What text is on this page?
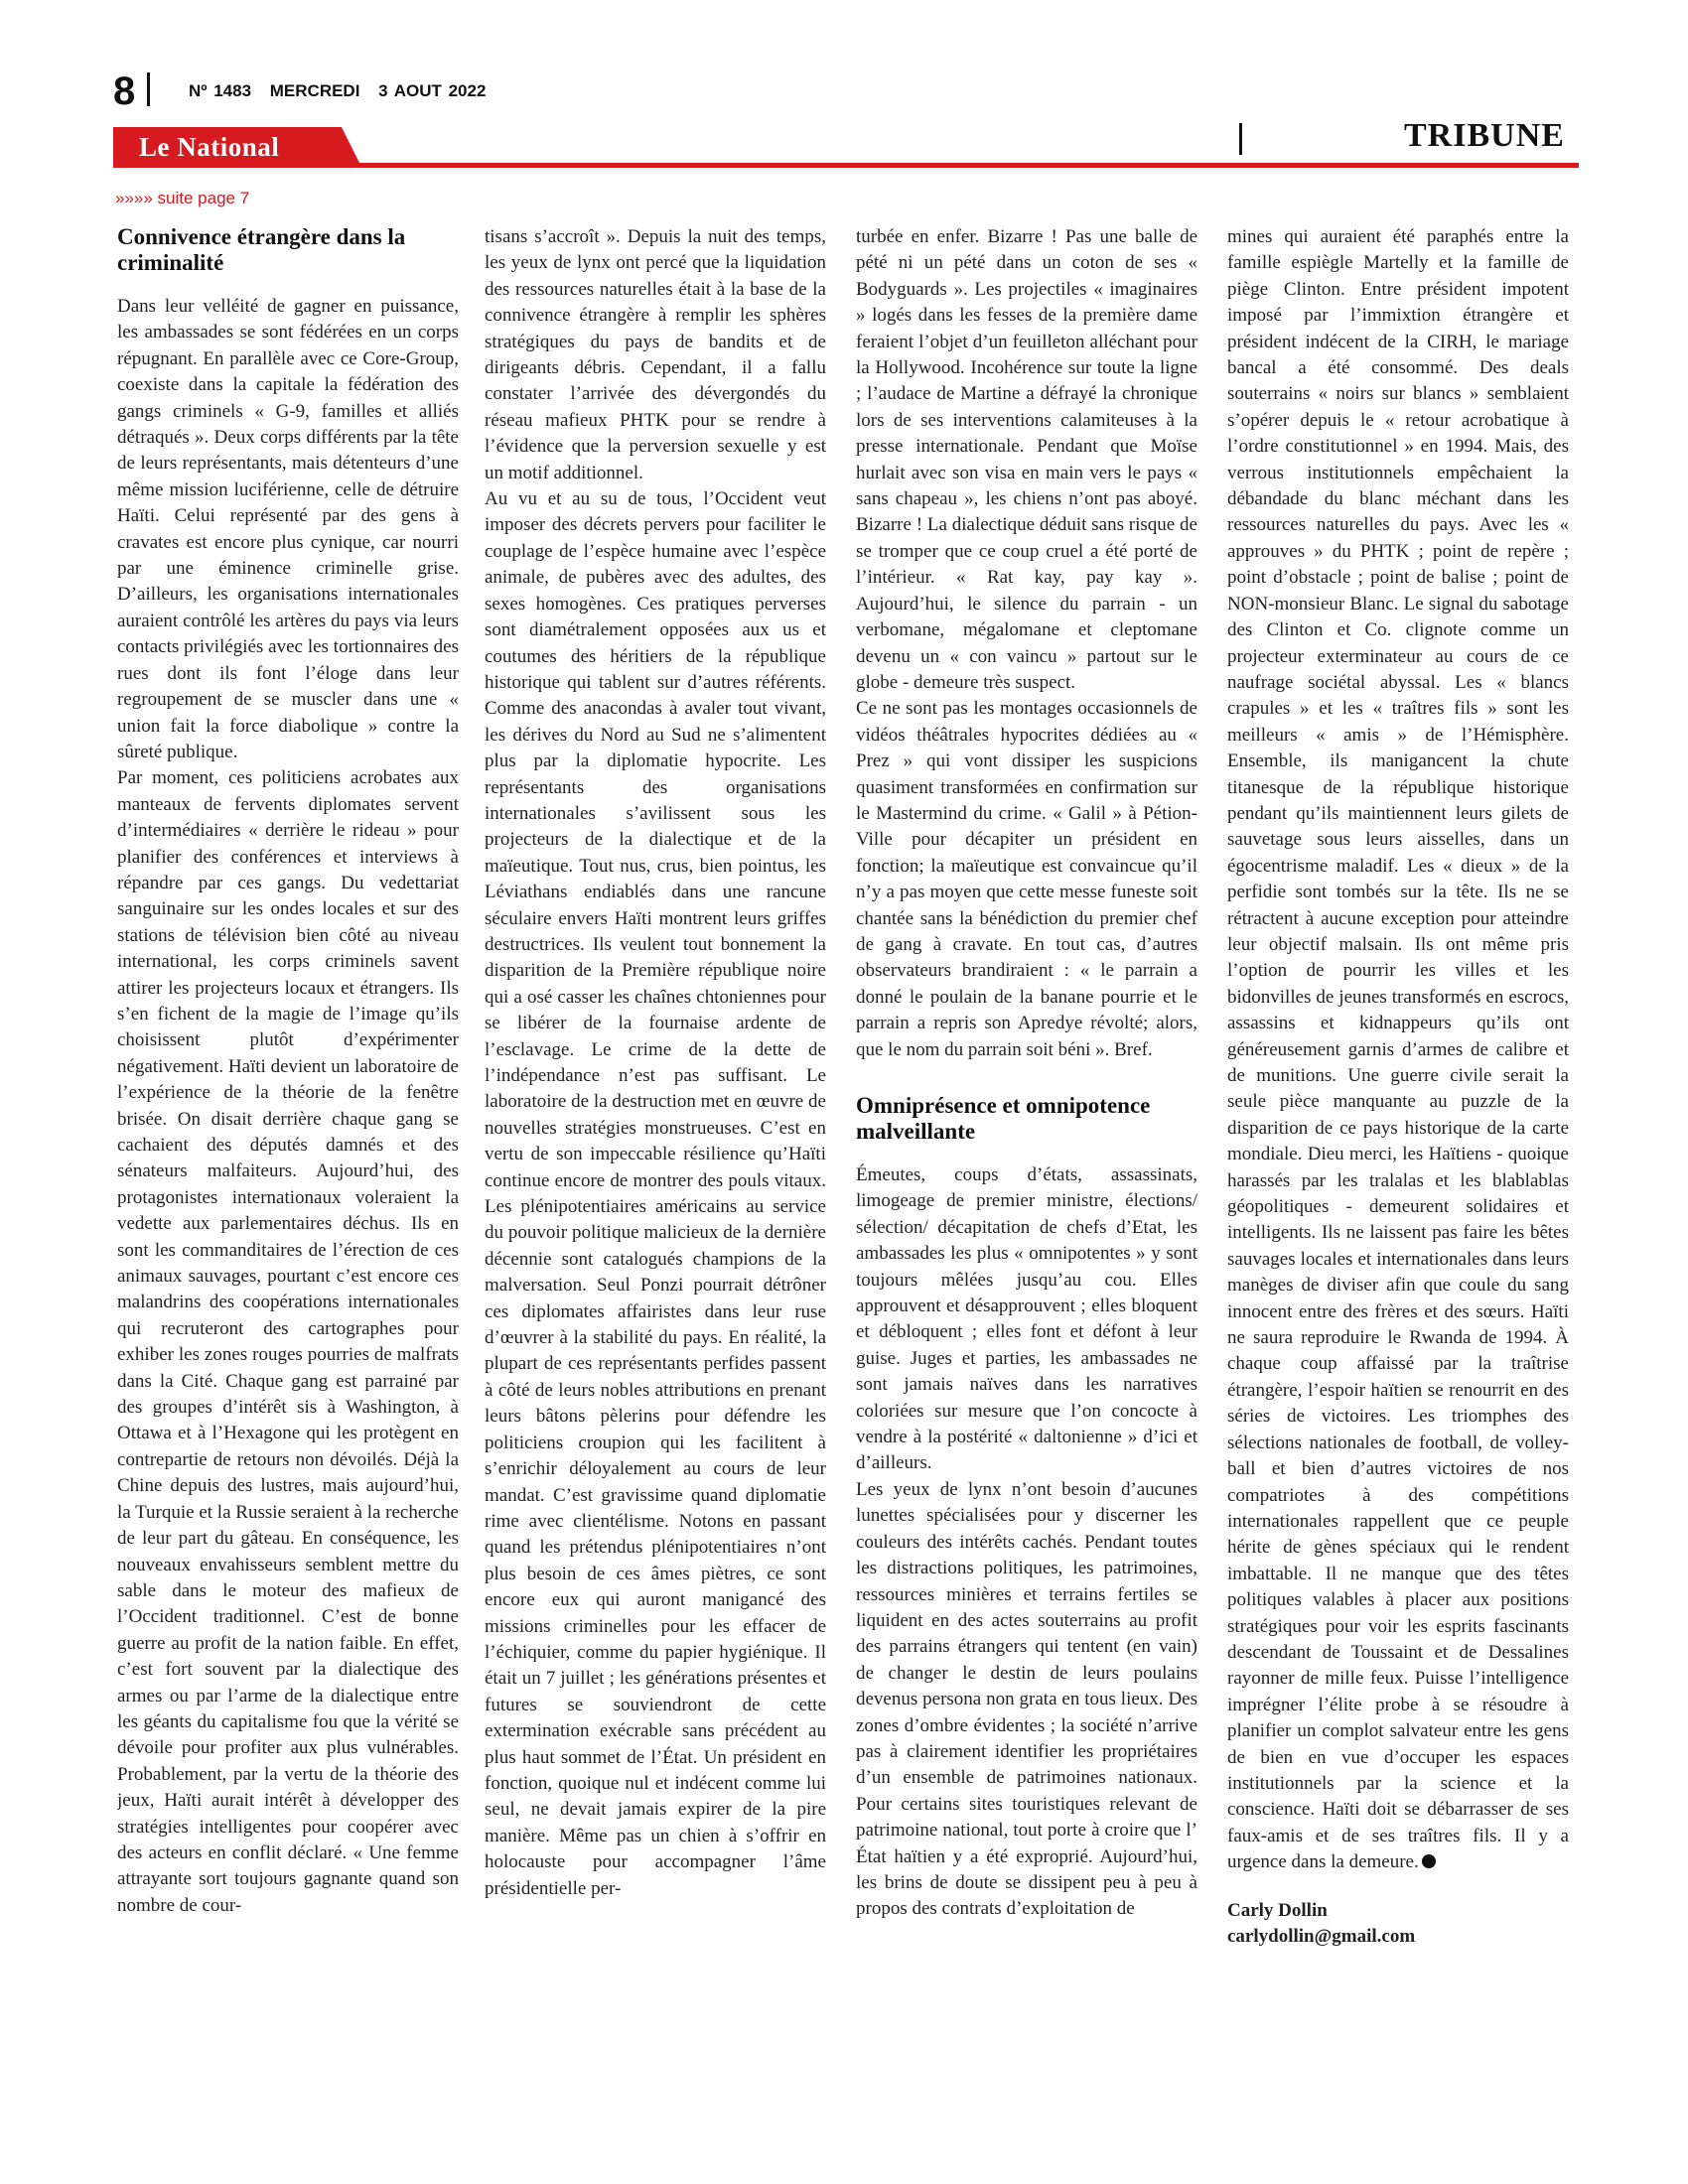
8	Nº 1483 MERCREDI 3 AOUT 2022
Le National	TRIBUNE
»»»» suite page 7
Connivence étrangère dans la criminalité

Dans leur velléité de gagner en puissance, les ambassades se sont fédérées en un corps répugnant. En parallèle avec ce Core-Group, coexiste dans la capitale la fédération des gangs criminels « G-9, familles et alliés détraqués ». Deux corps différents par la tête de leurs représentants, mais détenteurs d’une même mission luciférienne, celle de détruire Haïti. Celui représenté par des gens à cravates est encore plus cynique, car nourri par une éminence criminelle grise. D’ailleurs, les organisations internationales auraient contrôlé les artères du pays via leurs contacts privilégiés avec les tortionnaires des rues dont ils font l’éloge dans leur regroupement de se muscler dans une « union fait la force diabolique » contre la sûreté publique.

Par moment, ces politiciens acrobates aux manteaux de fervents diplomates servent d’intermédiaires « derrière le rideau » pour planifier des conférences et interviews à répandre par ces gangs. Du vedettariat sanguinaire sur les ondes locales et sur des stations de télévision bien côté au niveau international, les corps criminels savent attirer les projecteurs locaux et étrangers. Ils s’en fichent de la magie de l’image qu’ils choisissent plutôt d’expérimenter négativement. Haïti devient un laboratoire de l’expérience de la théorie de la fenêtre brisée. On disait derrière chaque gang se cachaient des députés damnés et des sénateurs malfaiteurs. Aujourd’hui, des protagonistes internationaux voleraient la vedette aux parlementaires déchus. Ils en sont les commanditaires de l’érection de ces animaux sauvages, pourtant c’est encore ces malandrins des coopérations internationales qui recruteront des cartographes pour exhiber les zones rouges pourries de malfrats dans la Cité. Chaque gang est parrainé par des groupes d’intérêt sis à Washington, à Ottawa et à l’Hexagone qui les protègent en contrepartie de retours non dévoilés. Déjà la Chine depuis des lustres, mais aujourd’hui, la Turquie et la Russie seraient à la recherche de leur part du gâteau. En conséquence, les nouveaux envahisseurs semblent mettre du sable dans le moteur des mafieux de l’Occident traditionnel. C’est de bonne guerre au profit de la nation faible. En effet, c’est fort souvent par la dialectique des armes ou par l’arme de la dialectique entre les géants du capitalisme fou que la vérité se dévoile pour profiter aux plus vulnérables. Probablement, par la vertu de la théorie des jeux, Haïti aurait intérêt à développer des stratégies intelligentes pour coopérer avec des acteurs en conflit déclaré. « Une femme attrayante sort toujours gagnante quand son nombre de cour-

tisans s’accroît ». Depuis la nuit des temps, les yeux de lynx ont percé que la liquidation des ressources naturelles était à la base de la connivence étrangère à remplir les sphères stratégiques du pays de bandits et de dirigeants débris. Cependant, il a fallu constater l’arrivée des dévergondés du réseau mafieux PHTK pour se rendre à l’évidence que la perversion sexuelle y est un motif additionnel.

Au vu et au su de tous, l’Occident veut imposer des décrets pervers pour faciliter le couplage de l’espèce humaine avec l’espèce animale, de pubères avec des adultes, des sexes homogènes. Ces pratiques perverses sont diamétralement opposées aux us et coutumes des héritiers de la république historique qui tablent sur d’autres référents. Comme des anacondas à avaler tout vivant, les dérives du Nord au Sud ne s’alimentent plus par la diplomatie hypocrite. Les représentants des organisations internationales s’avilissent sous les projecteurs de la dialectique et de la maïeutique. Tout nus, crus, bien pointus, les Léviathans endiablés dans une rancune séculaire envers Haïti montrent leurs griffes destructrices. Ils veulent tout bonnement la disparition de la Première république noire qui a osé casser les chaînes chtoniennes pour se libérer de la fournaise ardente de l’esclavage. Le crime de la dette de l’indépendance n’est pas suffisant. Le laboratoire de la destruction met en œuvre de nouvelles stratégies monstrueuses. C’est en vertu de son impeccable résilience qu’Haïti continue encore de montrer des pouls vitaux. Les plénipotentiaires américains au service du pouvoir politique malicieux de la dernière décennie sont catalogués champions de la malversation. Seul Ponzi pourrait détrôner ces diplomates affairistes dans leur ruse d’œuvrer à la stabilité du pays. En réalité, la plupart de ces représentants perfides passent à côté de leurs nobles attributions en prenant leurs bâtons pèlerins pour défendre les politiciens croupion qui les facilitent à s’enrichir déloyalement au cours de leur mandat. C’est gravissime quand diplomatie rime avec clientélisme. Notons en passant quand les prétendus plénipotentiaires n’ont plus besoin de ces âmes piètres, ce sont encore eux qui auront manigancé des missions criminelles pour les effacer de l’échiquier, comme du papier hygiénique. Il était un 7 juillet ; les générations présentes et futures se souviendront de cette extermination exécrable sans précédent au plus haut sommet de l’État. Un président en fonction, quoique nul et indécent comme lui seul, ne devait jamais expirer de la pire manière. Même pas un chien à s’offrir en holocauste pour accompagner l’âme présidentielle per-

turbée en enfer. Bizarre ! Pas une balle de pété ni un pété dans un coton de ses « Bodyguards ». Les projectiles « imaginaires » logés dans les fesses de la première dame feraient l’objet d’un feuilleton alléchant pour la Hollywood. Incohérence sur toute la ligne ; l’audace de Martine a défrayé la chronique lors de ses interventions calamiteuses à la presse internationale. Pendant que Moïse hurlait avec son visa en main vers le pays « sans chapeau », les chiens n’ont pas aboyé. Bizarre ! La dialectique déduit sans risque de se tromper que ce coup cruel a été porté de l’intérieur. « Rat kay, pay kay ». Aujourd’hui, le silence du parrain - un verbomane, mégalomane et cleptomane devenu un « con vaincu » partout sur le globe - demeure très suspect.

Ce ne sont pas les montages occasionnels de vidéos théâtrales hypocrites dédiées au « Prez » qui vont dissiper les suspicions quasiment transformées en confirmation sur le Mastermind du crime. « Galil » à Pétion-Ville pour décapiter un président en fonction; la maïeutique est convaincue qu’il n’y a pas moyen que cette messe funeste soit chantée sans la bénédiction du premier chef de gang à cravate. En tout cas, d’autres observateurs brandiraient : « le parrain a donné le poulain de la banane pourrie et le parrain a repris son Apredye révolté; alors, que le nom du parrain soit béni ». Bref.

Omniprésence et omnipotence malveillante

Émeutes, coups d’états, assassinats, limogeage de premier ministre, élections/ sélection/ décapitation de chefs d’Etat, les ambassades les plus « omnipotentes » y sont toujours mêlées jusqu’au cou. Elles approuvent et désapprouvent ; elles bloquent et débloquent ; elles font et défont à leur guise. Juges et parties, les ambassades ne sont jamais naïves dans les narratives coloriées sur mesure que l’on concocte à vendre à la postérité « daltonienne » d’ici et d’ailleurs.

Les yeux de lynx n’ont besoin d’aucunes lunettes spécialisées pour y discerner les couleurs des intérêts cachés. Pendant toutes les distractions politiques, les patrimoines, ressources minières et terrains fertiles se liquident en des actes souterrains au profit des parrains étrangers qui tentent (en vain) de changer le destin de leurs poulains devenus persona non grata en tous lieux. Des zones d’ombre évidentes ; la société n’arrive pas à clairement identifier les propriétaires d’un ensemble de patrimoines nationaux. Pour certains sites touristiques relevant de patrimoine national, tout porte à croire que l’ État haïtien y a été exproprié. Aujourd’hui, les brins de doute se dissipent peu à peu à propos des contrats d’exploitation de

mines qui auraient été paraphés entre la famille espiègle Martelly et la famille de piège Clinton. Entre président impotent imposé par l’immixtion étrangère et président indécent de la CIRH, le mariage bancal a été consommé. Des deals souterrains « noirs sur blancs » semblaient s’opérer depuis le « retour acrobatique à l’ordre constitutionnel » en 1994. Mais, des verrous institutionnels empêchaient la débandade du blanc méchant dans les ressources naturelles du pays. Avec les « approuves » du PHTK ; point de repère ; point d’obstacle ; point de balise ; point de NON-monsieur Blanc. Le signal du sabotage des Clinton et Co. clignote comme un projecteur exterminateur au cours de ce naufrage sociétal abyssal. Les « blancs crapules » et les « traîtres fils » sont les meilleurs « amis » de l’Hémisphère. Ensemble, ils manigancent la chute titanesque de la république historique pendant qu’ils maintiennent leurs gilets de sauvetage sous leurs aisselles, dans un égocentrisme maladif. Les « dieux » de la perfidie sont tombés sur la tête. Ils ne se rétractent à aucune exception pour atteindre leur objectif malsain. Ils ont même pris l’option de pourrir les villes et les bidonvilles de jeunes transformés en escrocs, assassins et kidnappeurs qu’ils ont généreusement garnis d’armes de calibre et de munitions. Une guerre civile serait la seule pièce manquante au puzzle de la disparition de ce pays historique de la carte mondiale. Dieu merci, les Haïtiens - quoique harassés par les tralalas et les blablablas géopolitiques - demeurent solidaires et intelligents. Ils ne laissent pas faire les bêtes sauvages locales et internationales dans leurs manèges de diviser afin que coule du sang innocent entre des frères et des sœurs. Haïti ne saura reproduire le Rwanda de 1994. À chaque coup affaissé par la traîtrise étrangère, l’espoir haïtien se renourrit en des séries de victoires. Les triomphes des sélections nationales de football, de volley-ball et bien d’autres victoires de nos compatriotes à des compétitions internationales rappellent que ce peuple hérite de gènes spéciaux qui le rendent imbattable. Il ne manque que des têtes politiques valables à placer aux positions stratégiques pour voir les esprits fascinants descendant de Toussaint et de Dessalines rayonner de mille feux. Puisse l’intelligence imprégner l’élite probe à se résoudre à planifier un complot salvateur entre les gens de bien en vue d’occuper les espaces institutionnels par la science et la conscience. Haïti doit se débarrasser de ses faux-amis et de ses traîtres fils. Il y a urgence dans la demeure.

Carly Dollin
carlydollin@gmail.com
